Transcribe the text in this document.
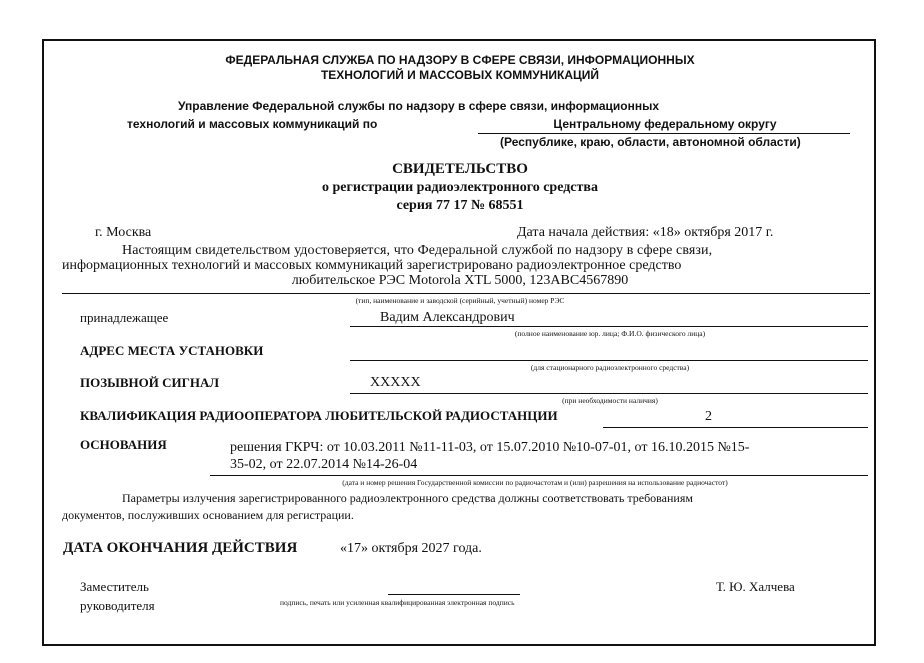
ФЕДЕРАЛЬНАЯ СЛУЖБА ПО НАДЗОРУ В СФЕРЕ СВЯЗИ, ИНФОРМАЦИОННЫХ
ТЕХНОЛОГИЙ И МАССОВЫХ КОММУНИКАЦИЙ
Управление Федеральной службы по надзору в сфере связи, информационных
технологий и массовых коммуникаций по	Центральному федеральному округу
(Республике, краю, области, автономной области)
СВИДЕТЕЛЬСТВО
о регистрации радиоэлектронного средства
серия 77 17 № 68551
г. Москва	Дата начала действия: «18» октября 2017 г.
Настоящим свидетельством удостоверяется, что Федеральной службой по надзору в сфере связи,
информационных технологий и массовых коммуникаций зарегистрировано радиоэлектронное средство
любительское РЭС Motorola XTL 5000, 123ABC4567890
(тип, наименование и заводской (серийный, учетный) номер РЭС
принадлежащее	Вадим Александрович
(полное наименование юр. лица; Ф.И.О. физического лица)
АДРЕС МЕСТА УСТАНОВКИ
(для стационарного радиоэлектронного средства)
ПОЗЫВНОЙ СИГНАЛ	XXXXX
(при необходимости наличия)
КВАЛИФИКАЦИЯ РАДИООПЕРАТОРА ЛЮБИТЕЛЬСКОЙ РАДИОСТАНЦИИ	2
ОСНОВАНИЯ	решения ГКРЧ: от 10.03.2011 №11-11-03, от 15.07.2010 №10-07-01, от 16.10.2015 №15-
35-02, от 22.07.2014 №14-26-04
(дата и номер решения Государственной комиссии по радиочастотам и (или) разрешения на использование радиочастот)
Параметры излучения зарегистрированного радиоэлектронного средства должны соответствовать требованиям
документов, послуживших основанием для регистрации.
ДАТА ОКОНЧАНИЯ ДЕЙСТВИЯ	«17» октября 2027 года.
Заместитель
руководителя	подпись, печать или усиленная квалифицированная электронная подпись
Т. Ю. Халчева
